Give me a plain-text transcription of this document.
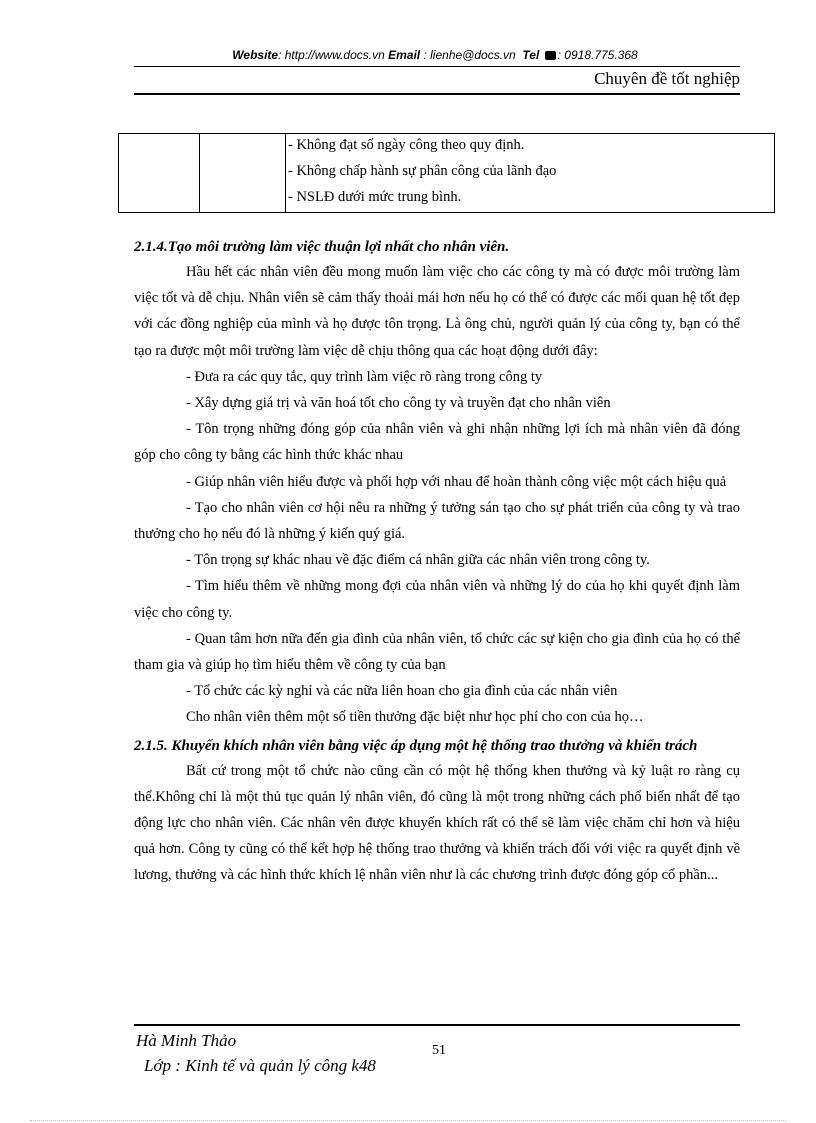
Website: http://www.docs.vn Email : lienhe@docs.vn  Tel : 0918.775.368
Chuyên đề tốt nghiệp

- Không đạt số ngày công theo quy định.
- Không chấp hành sự phân công của lãnh đạo
- NSLĐ dưới mức trung bình.

2.1.4.Tạo môi trường làm việc thuận lợi nhất cho nhân viên.

Hầu hết các nhân viên đều mong muốn làm việc cho các công ty mà có được môi trường làm việc tốt và dễ chịu. Nhân viên sẽ cảm thấy thoải mái hơn nếu họ có thể có được các mối quan hệ tốt đẹp với các đồng nghiệp của mình và họ được tôn trọng. Là ông chủ, người quản lý của công ty, bạn có thể tạo ra được một môi trường làm việc dễ chịu thông qua các hoạt động dưới đây:

- Đưa ra các quy tắc, quy trình làm việc rõ ràng trong công ty

- Xây dựng giá trị và văn hoá tốt cho công ty và truyền đạt cho nhân viên

- Tôn trọng những đóng góp của nhân viên và ghi nhận những lợi ích mà nhân viên đã đóng góp cho công ty bằng các hình thức khác nhau

- Giúp nhân viên hiểu được và phối hợp với nhau để hoàn thành công việc một cách hiệu quả

- Tạo cho nhân viên cơ hội nêu ra những ý tưởng sán tạo cho sự phát triển của công ty và trao thưởng cho họ nếu đó là những ý kiến quý giá.

- Tôn trọng sự khác nhau về đặc điểm cá nhân giữa các nhân viên trong công ty.

- Tìm hiểu thêm về những mong đợi của nhân viên và những lý do của họ khi quyết định làm việc cho công ty.

- Quan tâm hơn nữa đến gia đình của nhân viên, tổ chức các sự kiện cho gia đình của họ có thể tham gia và giúp họ tìm hiểu thêm về công ty của bạn

- Tổ chức các kỳ nghỉ và các nữa liên hoan cho gia đình của các nhân viên

Cho nhân viên thêm một số tiền thưởng đặc biệt như học phí cho con của họ…

2.1.5. Khuyến khích nhân viên bằng việc áp dụng một hệ thống trao thưởng và khiển trách

Bất cứ trong một tổ chức nào cũng cần có một hệ thống khen thưởng và kỷ luật ro ràng cụ thể.Không chỉ là một thủ tục quản lý nhân viên, đó cũng là một trong những cách phổ biến nhất để tạo động lực cho nhân viên. Các nhân vên được khuyến khích rất có thể sẽ làm việc chăm chỉ hơn và hiệu quả hơn. Công ty cũng có thể kết hợp hệ thống trao thưởng và khiển trách đối với việc ra quyết định về lương, thưởng và các hình thức khích lệ nhân viên như là các chương trình được đóng góp cổ phần...

Hà Minh Thảo
Lớp : Kinh tế và quản lý công k48
51
